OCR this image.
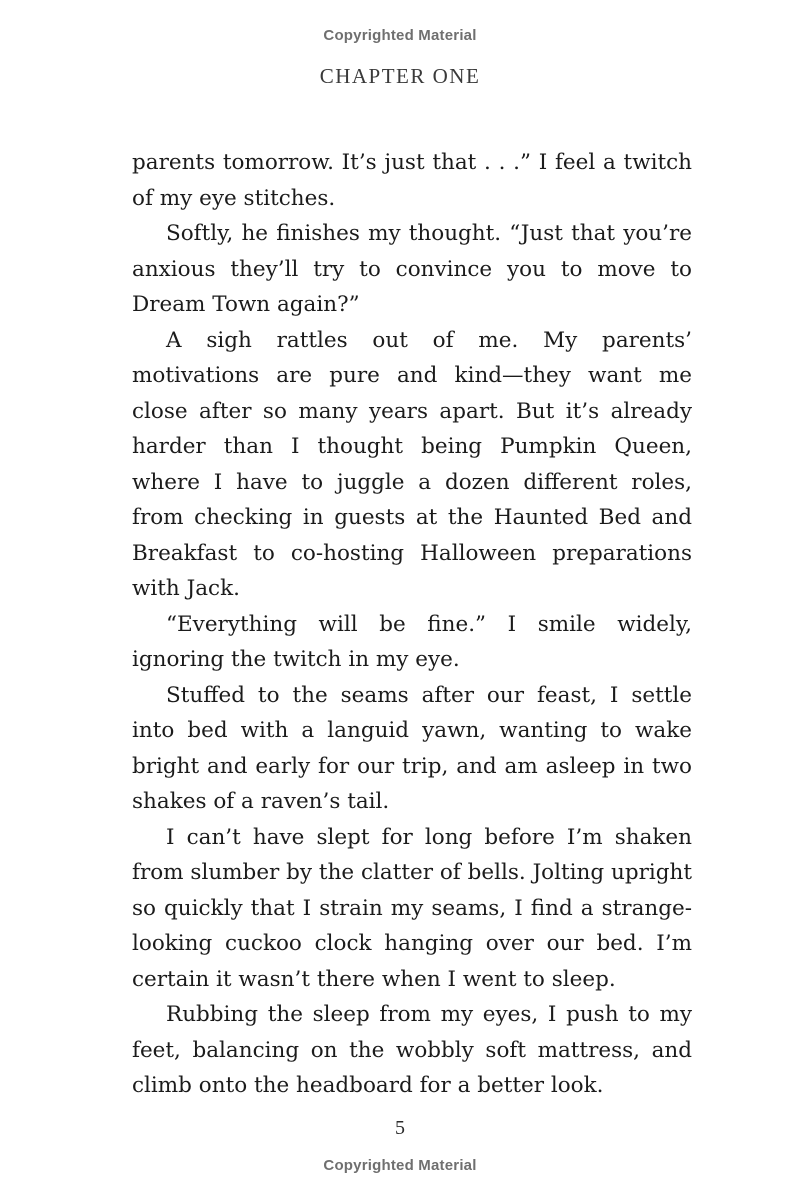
Copyrighted Material
CHAPTER ONE

parents tomorrow. It’s just that . . .” I feel a twitch of my eye stitches.

Softly, he finishes my thought. “Just that you’re anxious they’ll try to convince you to move to Dream Town again?”

A sigh rattles out of me. My parents’ motivations are pure and kind—they want me close after so many years apart. But it’s already harder than I thought being Pumpkin Queen, where I have to juggle a dozen different roles, from checking in guests at the Haunted Bed and Breakfast to co-hosting Halloween preparations with Jack.

“Everything will be fine.” I smile widely, ignoring the twitch in my eye.

Stuffed to the seams after our feast, I settle into bed with a languid yawn, wanting to wake bright and early for our trip, and am asleep in two shakes of a raven’s tail.

I can’t have slept for long before I’m shaken from slumber by the clatter of bells. Jolting upright so quickly that I strain my seams, I find a strange-looking cuckoo clock hanging over our bed. I’m certain it wasn’t there when I went to sleep.

Rubbing the sleep from my eyes, I push to my feet, balancing on the wobbly soft mattress, and climb onto the headboard for a better look.

5
Copyrighted Material
